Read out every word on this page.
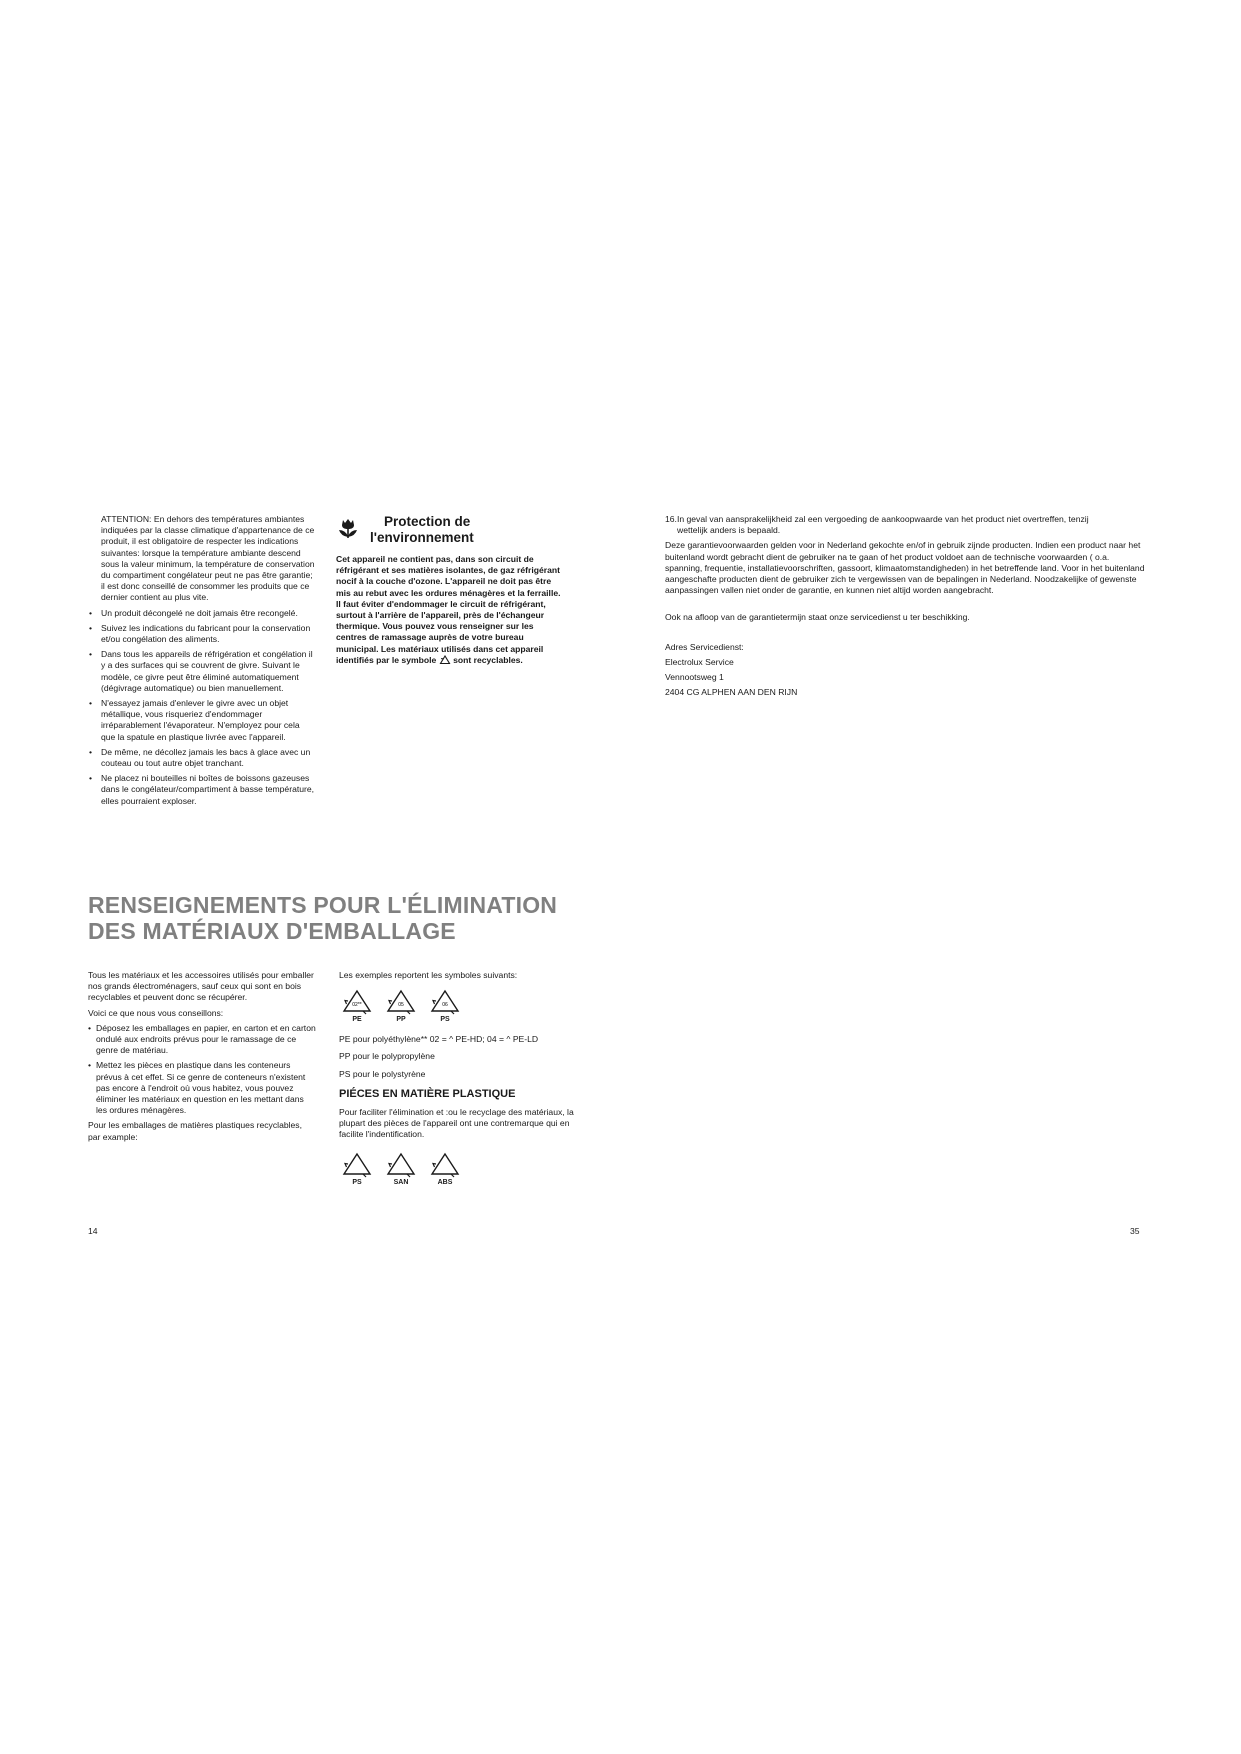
ATTENTION: En dehors des températures ambiantes indiquées par la classe climatique d'appartenance de ce produit, il est obligatoire de respecter les indications suivantes: lorsque la température ambiante descend sous la valeur minimum, la température de conservation du compartiment congélateur peut ne pas être garantie; il est donc conseillé de consommer les produits que ce dernier contient au plus vite.

• Un produit décongelé ne doit jamais être recongelé.
• Suivez les indications du fabricant pour la conservation et/ou congélation des aliments.
• Dans tous les appareils de réfrigération et congélation il y a des surfaces qui se couvrent de givre. Suivant le modèle, ce givre peut être éliminé automatiquement (dégivrage automatique) ou bien manuellement.
• N'essayez jamais d'enlever le givre avec un objet métallique, vous risqueriez d'endommager irréparablement l'évaporateur. N'employez pour cela que la spatule en plastique livrée avec l'appareil.
• De même, ne décollez jamais les bacs à glace avec un couteau ou tout autre objet tranchant.
• Ne placez ni bouteilles ni boîtes de boissons gazeuses dans le congélateur/compartiment à basse température, elles pourraient exploser.
Protection de
l'environnement

Cet appareil ne contient pas, dans son circuit de réfrigérant et ses matières isolantes, de gaz réfrigérant nocif à la couche d'ozone. L'appareil ne doit pas être mis au rebut avec les ordures ménagères et la ferraille. Il faut éviter d'endommager le circuit de réfrigérant, surtout à l'arrière de l'appareil, près de l'échangeur thermique. Vous pouvez vous renseigner sur les centres de ramassage auprès de votre bureau municipal. Les matériaux utilisés dans cet appareil identifiés par le symbole sont recyclables.

RENSEIGNEMENTS POUR L'ÉLIMINATION
DES MATÉRIAUX D'EMBALLAGE

Tous les matériaux et les accessoires utilisés pour emballer nos grands électroménagers, sauf ceux qui sont en bois recyclables et peuvent donc se récupérer.

Voici ce que nous vous conseillons:

• Déposez les emballages en papier, en carton et en carton ondulé aux endroits prévus pour le ramassage de ce genre de matériau.
• Mettez les pièces en plastique dans les conteneurs prévus à cet effet. Si ce genre de conteneurs n'existent pas encore à l'endroit où vous habitez, vous pouvez éliminer les matériaux en question en les mettant dans les ordures ménagères.

Pour les emballages de matières plastiques recyclables, par example:

Les exemples reportent les symboles suivants:

02**
PE
05
PP
06
PS

PE pour polyéthylène** 02 = ^ PE-HD; 04 = ^ PE-LD

PP pour le polypropylène

PS pour le polystyrène

PIÉCES EN MATIÈRE PLASTIQUE

Pour faciliter l'élimination et :ou le recyclage des matériaux, la plupart des pièces de l'appareil ont une contremarque qui en facilite l'indentification.

PS	SAN	ABS
14
16.In geval van aansprakelijkheid zal een vergoeding de aankoopwaarde van het product niet overtreffen, tenzij
wettelijk anders is bepaald.

Deze garantievoorwaarden gelden voor in Nederland gekochte en/of in gebruik zijnde producten. Indien een product naar het buitenland wordt gebracht dient de gebruiker na te gaan of het product voldoet aan de technische voorwaarden ( o.a. spanning, frequentie, installatievoorschriften, gassoort, klimaatomstandigheden) in het betreffende land. Voor in het buitenland aangeschafte producten dient de gebruiker zich te vergewissen van de bepalingen in Nederland. Noodzakelijke of gewenste aanpassingen vallen niet onder de garantie, en kunnen niet altijd worden aangebracht.

Ook na afloop van de garantietermijn staat onze servicedienst u ter beschikking.

Adres Servicedienst:
Electrolux Service
Vennootsweg 1
2404 CG ALPHEN AAN DEN RIJN
35
